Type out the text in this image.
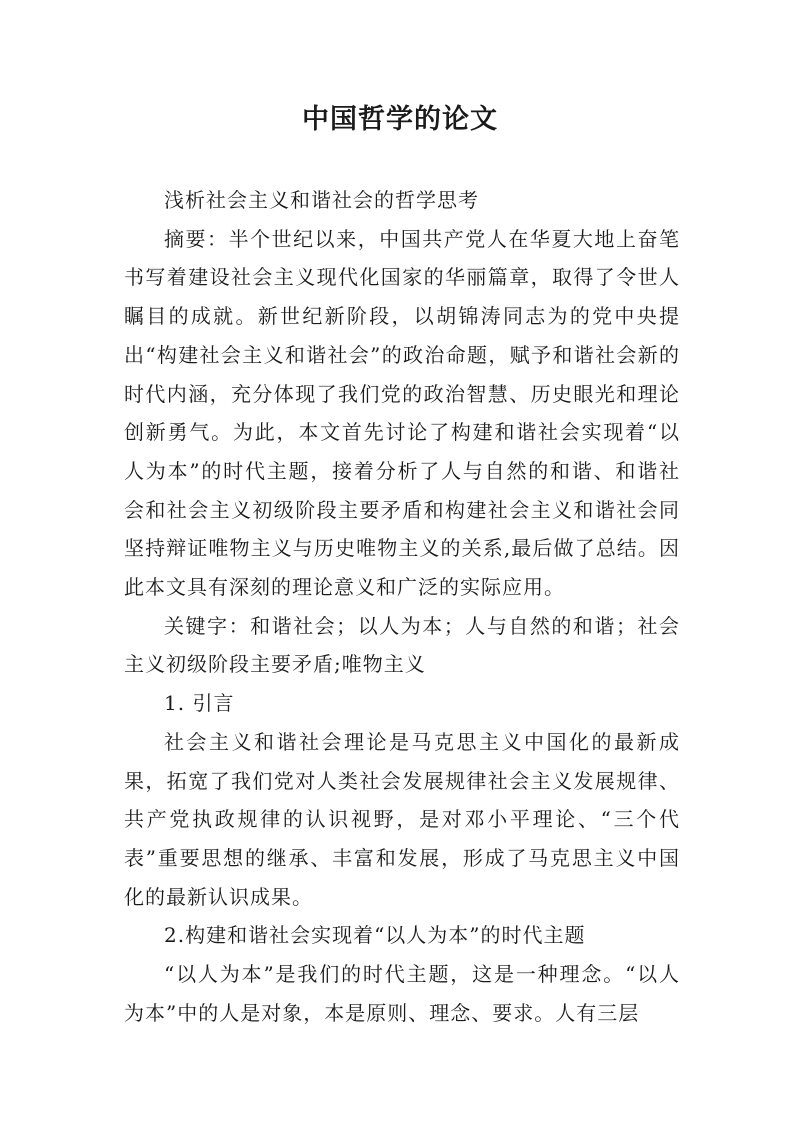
中国哲学的论文

浅析社会主义和谐社会的哲学思考

摘要：半个世纪以来，中国共产党人在华夏大地上奋笔书写着建设社会主义现代化国家的华丽篇章，取得了令世人瞩目的成就。新世纪新阶段，以胡锦涛同志为的党中央提出“构建社会主义和谐社会”的政治命题，赋予和谐社会新的时代内涵，充分体现了我们党的政治智慧、历史眼光和理论创新勇气。为此，本文首先讨论了构建和谐社会实现着“以人为本”的时代主题，接着分析了人与自然的和谐、和谐社会和社会主义初级阶段主要矛盾和构建社会主义和谐社会同坚持辩证唯物主义与历史唯物主义的关系,最后做了总结。因此本文具有深刻的理论意义和广泛的实际应用。

关键字：和谐社会；以人为本；人与自然的和谐；社会主义初级阶段主要矛盾;唯物主义

1. 引言

社会主义和谐社会理论是马克思主义中国化的最新成果，拓宽了我们党对人类社会发展规律社会主义发展规律、共产党执政规律的认识视野，是对邓小平理论、“三个代表”重要思想的继承、丰富和发展，形成了马克思主义中国化的最新认识成果。

2.构建和谐社会实现着“以人为本”的时代主题

“以人为本”是我们的时代主题，这是一种理念。“以人为本”中的人是对象，本是原则、理念、要求。人有三层
